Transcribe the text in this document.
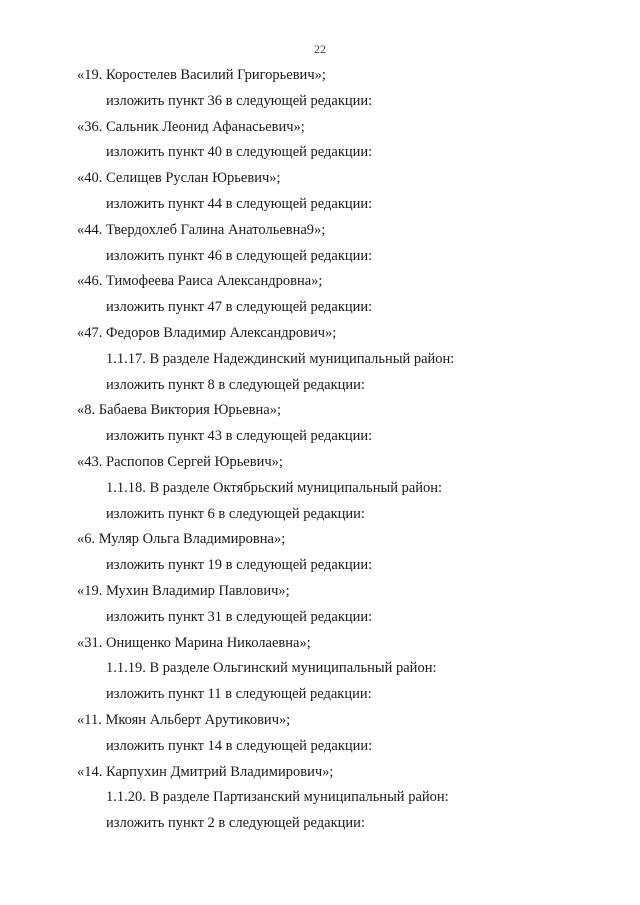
22
«19. Коростелев Василий Григорьевич»;
изложить пункт 36 в следующей редакции:
«36. Сальник Леонид Афанасьевич»;
изложить пункт 40 в следующей редакции:
«40. Селищев Руслан Юрьевич»;
изложить пункт 44 в следующей редакции:
«44. Твердохлеб Галина Анатольевна9»;
изложить пункт 46 в следующей редакции:
«46. Тимофеева Раиса Александровна»;
изложить пункт 47 в следующей редакции:
«47. Федоров Владимир Александрович»;
1.1.17. В разделе Надеждинский муниципальный район:
изложить пункт 8 в следующей редакции:
«8. Бабаева Виктория Юрьевна»;
изложить пункт 43 в следующей редакции:
«43. Распопов Сергей Юрьевич»;
1.1.18. В разделе Октябрьский муниципальный район:
изложить пункт 6 в следующей редакции:
«6. Муляр Ольга Владимировна»;
изложить пункт 19 в следующей редакции:
«19. Мухин Владимир Павлович»;
изложить пункт 31 в следующей редакции:
«31. Онищенко Марина Николаевна»;
1.1.19. В разделе Ольгинский муниципальный район:
изложить пункт 11 в следующей редакции:
«11. Мкоян Альберт Арутикович»;
изложить пункт 14 в следующей редакции:
«14. Карпухин Дмитрий Владимирович»;
1.1.20. В разделе Партизанский муниципальный район:
изложить пункт 2 в следующей редакции:
